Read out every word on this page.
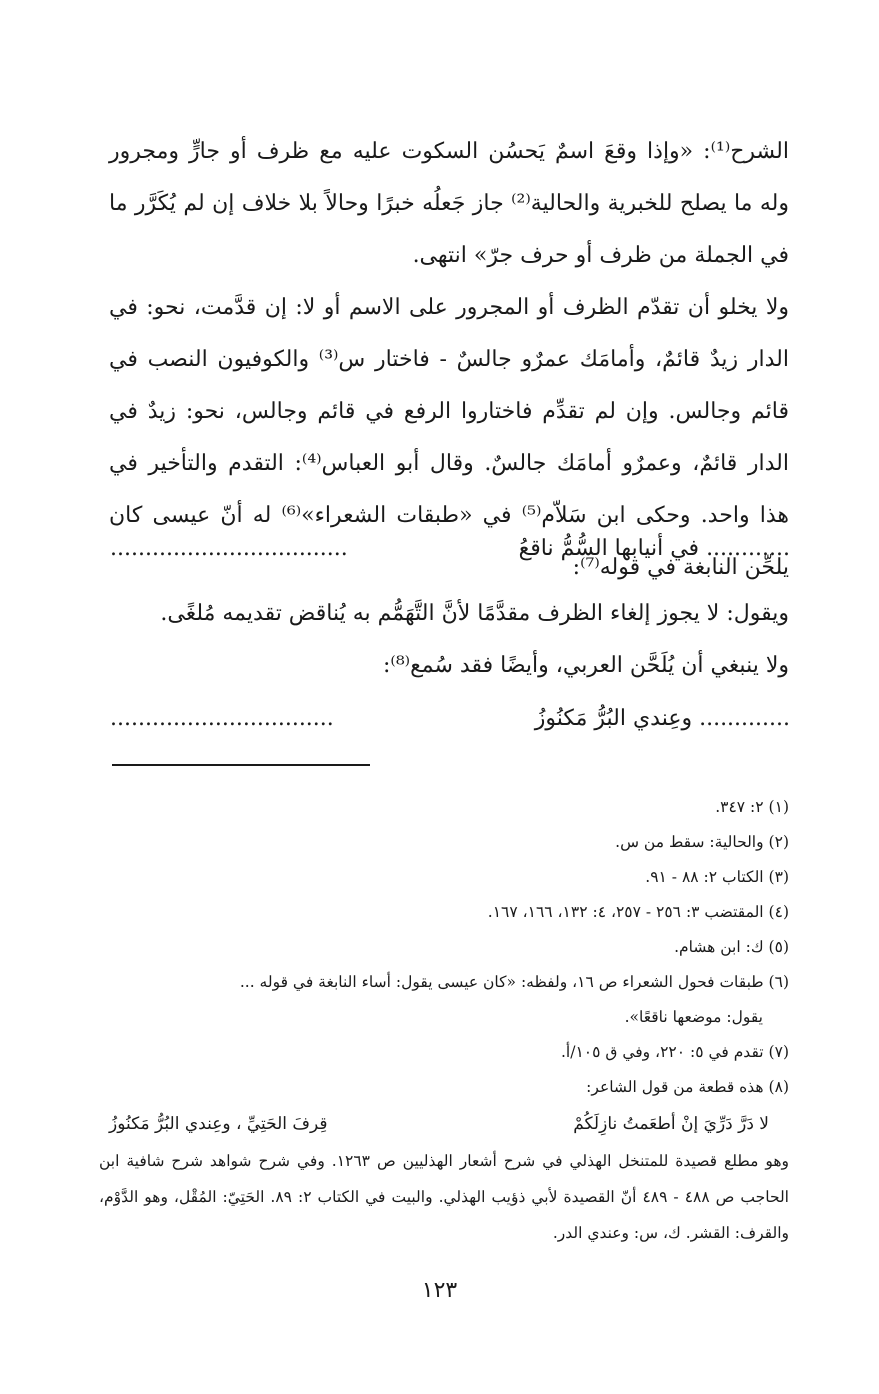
الشرح⁽¹⁾: «وإذا وقعَ اسمٌ يَحسُن السكوت عليه مع ظرف أو جارٍّ ومجرور وله ما يصلح للخبرية والحالية⁽²⁾ جاز جَعلُه خبرًا وحالاً بلا خلاف إن لم يُكَرَّر ما في الجملة من ظرف أو حرف جرّ» انتهى.

ولا يخلو أن تقدّم الظرف أو المجرور على الاسم أو لا: إن قدَّمت، نحو: في الدار زيدٌ قائمٌ، وأمامَك عمرٌو جالسٌ - فاختار س⁽³⁾ والكوفيون النصب في قائم وجالس. وإن لم تقدِّم فاختاروا الرفع في قائم وجالس، نحو: زيدٌ في الدار قائمٌ، وعمرٌو أمامَك جالسٌ. وقال أبو العباس⁽⁴⁾: التقدم والتأخير في هذا واحد. وحكى ابن سَلاّم⁽⁵⁾ في «طبقات الشعراء»⁽⁶⁾ له أنّ عيسى كان يلحِّن النابغة في قوله⁽⁷⁾:

............ في أنيابها السُّمُّ ناقعُ
..................................

ويقول: لا يجوز إلغاء الظرف مقدَّمًا لأنَّ التَّهَمُّم به يُناقض تقديمه مُلغًى.

ولا ينبغي أن يُلَحَّن العربي، وأيضًا فقد سُمع⁽⁸⁾:

............. وعِندي البُرُّ مَكنُوزُ
................................

(١) ٢: ٣٤٧.

(٢) والحالية: سقط من س.

(٣) الكتاب ٢: ٨٨ - ٩١.

(٤) المقتضب ٣: ٢٥٦ - ٢٥٧، ٤: ١٣٢، ١٦٦، ١٦٧.

(٥) ك: ابن هشام.

(٦) طبقات فحول الشعراء ص ١٦، ولفظه: «كان عيسى يقول: أساء النابغة في قوله ...
يقول: موضعها ناقعًا».

(٧) تقدم في ٥: ٢٢٠، وفي ق ١٠٥/أ.

(٨) هذه قطعة من قول الشاعر:

لا دَرَّ دَرِّيَ إنْ أطعَمتُ نازِلَكُمْ
قِرفَ الحَتِيِّ ، وعِندي البُرُّ مَكنُوزُ

وهو مطلع قصيدة للمتنخل الهذلي في شرح أشعار الهذليين ص ١٢٦٣. وفي شرح شواهد شرح شافية ابن الحاجب ص ٤٨٨ - ٤٨٩ أنّ القصيدة لأبي ذؤيب الهذلي. والبيت في الكتاب ٢: ٨٩. الحَتِيّ: المُقْل، وهو الدَّوْم، والقرف: القشر. ك، س: وعندي الدر.

١٢٣
